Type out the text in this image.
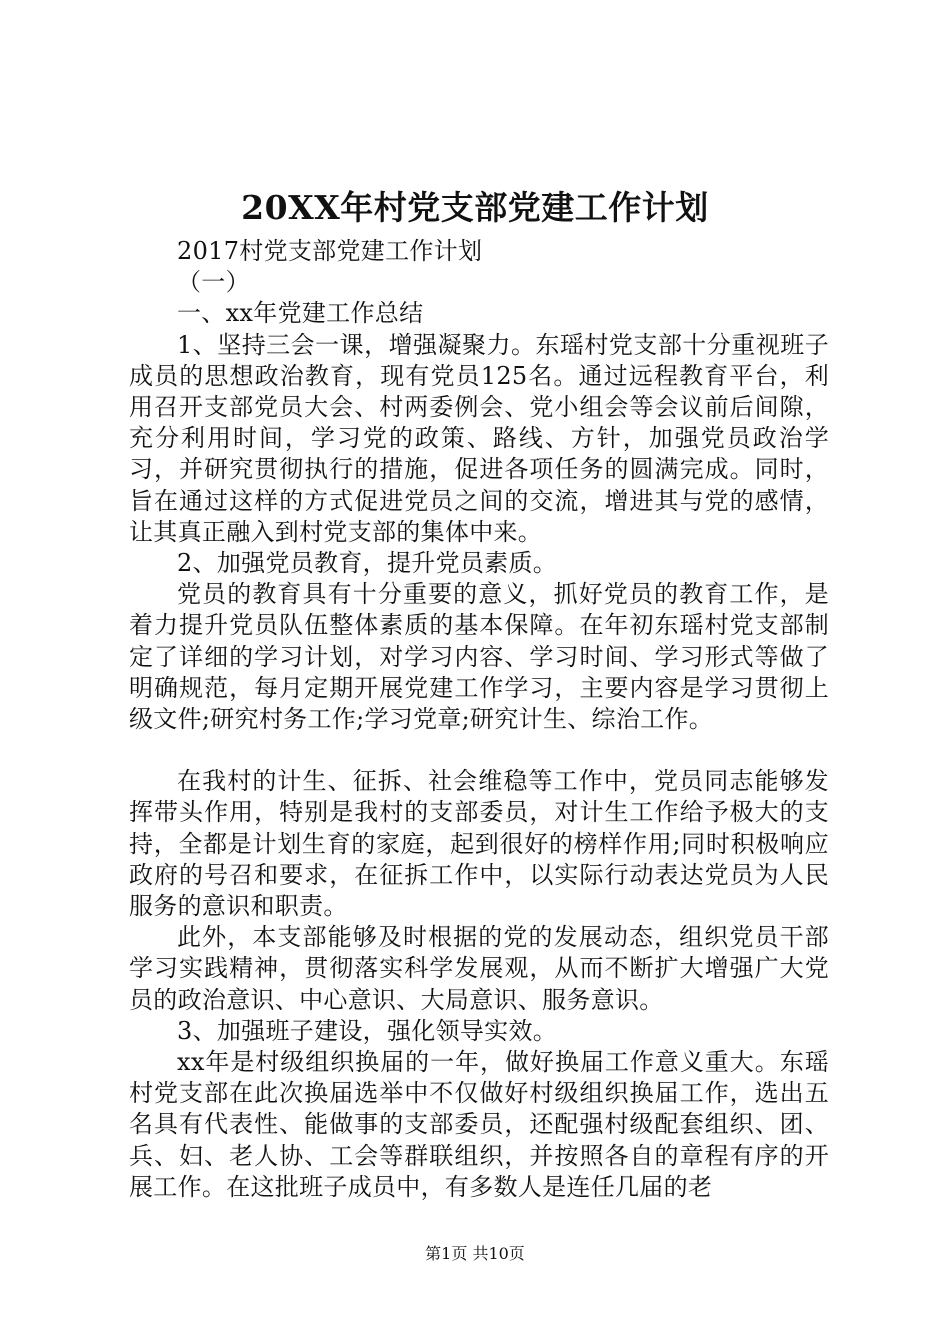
20XX年村党支部党建工作计划

2017村党支部党建工作计划

（一）

一、xx年党建工作总结

1、坚持三会一课，增强凝聚力。东瑶村党支部十分重视班子成员的思想政治教育，现有党员125名。通过远程教育平台，利用召开支部党员大会、村两委例会、党小组会等会议前后间隙，充分利用时间，学习党的政策、路线、方针，加强党员政治学习，并研究贯彻执行的措施，促进各项任务的圆满完成。同时，旨在通过这样的方式促进党员之间的交流，增进其与党的感情，让其真正融入到村党支部的集体中来。

2、加强党员教育，提升党员素质。

党员的教育具有十分重要的意义，抓好党员的教育工作，是着力提升党员队伍整体素质的基本保障。在年初东瑶村党支部制定了详细的学习计划，对学习内容、学习时间、学习形式等做了明确规范，每月定期开展党建工作学习，主要内容是学习贯彻上级文件;研究村务工作;学习党章;研究计生、综治工作。

在我村的计生、征拆、社会维稳等工作中，党员同志能够发挥带头作用，特别是我村的支部委员，对计生工作给予极大的支持，全都是计划生育的家庭，起到很好的榜样作用;同时积极响应政府的号召和要求，在征拆工作中，以实际行动表达党员为人民服务的意识和职责。

此外，本支部能够及时根据的党的发展动态，组织党员干部学习实践精神，贯彻落实科学发展观，从而不断扩大增强广大党员的政治意识、中心意识、大局意识、服务意识。

3、加强班子建设，强化领导实效。

xx年是村级组织换届的一年，做好换届工作意义重大。东瑶村党支部在此次换届选举中不仅做好村级组织换届工作，选出五名具有代表性、能做事的支部委员，还配强村级配套组织、团、兵、妇、老人协、工会等群联组织，并按照各自的章程有序的开展工作。在这批班子成员中，有多数人是连任几届的老

第1页 共10页
